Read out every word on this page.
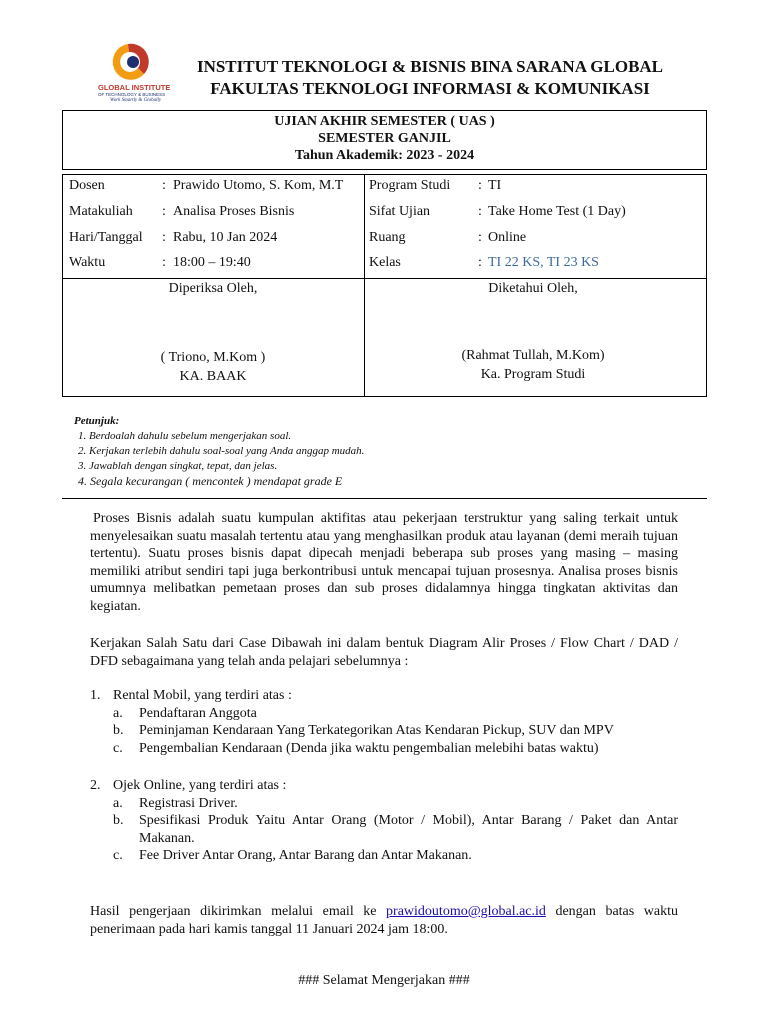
GLOBAL INSTITUTE
OF TECHNOLOGY & BUSINESS
Work Smartly & Globally
INSTITUT TEKNOLOGI & BISNIS BINA SARANA GLOBAL
FAKULTAS TEKNOLOGI INFORMASI & KOMUNIKASI
UJIAN AKHIR SEMESTER ( UAS )
SEMESTER GANJIL
Tahun Akademik: 2023 - 2024
Dosen	: Prawido Utomo, S. Kom, M.T
Matakuliah : Analisa Proses Bisnis
Hari/Tanggal : Rabu, 10 Jan 2024
Waktu	: 18:00 – 19:40
Program Studi : TI
Sifat Ujian	: Take Home Test (1 Day)
Ruang	: Online
Kelas	: TI 22 KS, TI 23 KS
Diperiksa Oleh,
( Triono, M.Kom )
KA. BAAK
Diketahui Oleh,
(Rahmat Tullah, M.Kom)
Ka. Program Studi
Petunjuk:
1. Berdoalah dahulu sebelum mengerjakan soal.
2. Kerjakan terlebih dahulu soal-soal yang Anda anggap mudah.
3. Jawablah dengan singkat, tepat, dan jelas.
4. Segala kecurangan ( mencontek ) mendapat grade E
Proses Bisnis adalah suatu kumpulan aktifitas atau pekerjaan terstruktur yang saling terkait untuk menyelesaikan suatu masalah tertentu atau yang menghasilkan produk atau layanan (demi meraih tujuan tertentu). Suatu proses bisnis dapat dipecah menjadi beberapa sub proses yang masing – masing memiliki atribut sendiri tapi juga berkontribusi untuk mencapai tujuan prosesnya. Analisa proses bisnis umumnya melibatkan pemetaan proses dan sub proses didalamnya hingga tingkatan aktivitas dan kegiatan.
Kerjakan Salah Satu dari Case Dibawah ini dalam bentuk Diagram Alir Proses / Flow Chart / DAD / DFD sebagaimana yang telah anda pelajari sebelumnya :
1. Rental Mobil, yang terdiri atas :
a. Pendaftaran Anggota
b. Peminjaman Kendaraan Yang Terkategorikan Atas Kendaran Pickup, SUV dan MPV
c. Pengembalian Kendaraan (Denda jika waktu pengembalian melebihi batas waktu)
2. Ojek Online, yang terdiri atas :
a. Registrasi Driver.
b.	Spesifikasi Produk Yaitu Antar Orang (Motor / Mobil), Antar Barang / Paket dan Antar Makanan.
c. Fee Driver Antar Orang, Antar Barang dan Antar Makanan.
Hasil pengerjaan dikirimkan melalui email ke prawidoutomo@global.ac.id dengan batas waktu penerimaan pada hari kamis tanggal 11 Januari 2024 jam 18:00.
### Selamat Mengerjakan ###
